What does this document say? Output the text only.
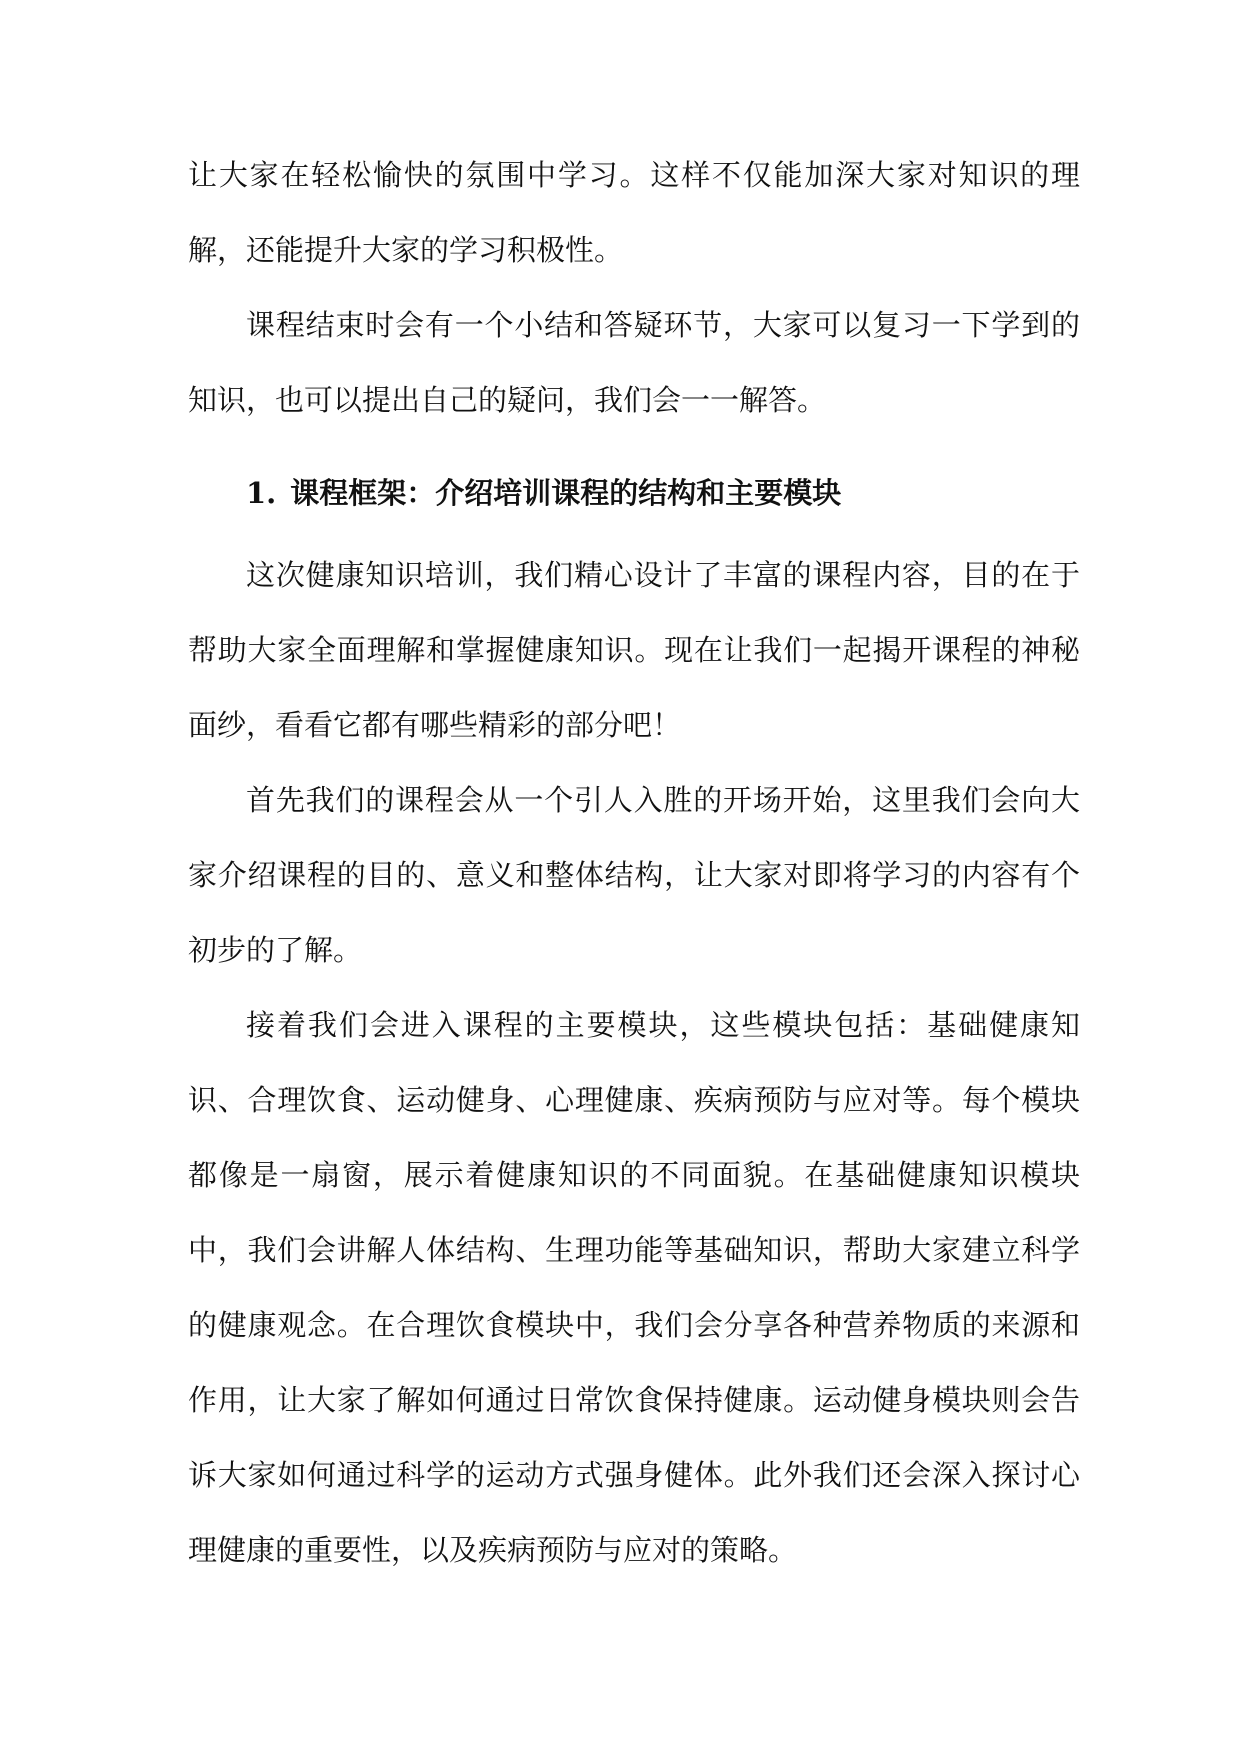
让大家在轻松愉快的氛围中学习。这样不仅能加深大家对知识的理解，还能提升大家的学习积极性。

课程结束时会有一个小结和答疑环节，大家可以复习一下学到的知识，也可以提出自己的疑问，我们会一一解答。

1. 课程框架：介绍培训课程的结构和主要模块

这次健康知识培训，我们精心设计了丰富的课程内容，目的在于帮助大家全面理解和掌握健康知识。现在让我们一起揭开课程的神秘面纱，看看它都有哪些精彩的部分吧！

首先我们的课程会从一个引人入胜的开场开始，这里我们会向大家介绍课程的目的、意义和整体结构，让大家对即将学习的内容有个初步的了解。

接着我们会进入课程的主要模块，这些模块包括：基础健康知识、合理饮食、运动健身、心理健康、疾病预防与应对等。每个模块都像是一扇窗，展示着健康知识的不同面貌。在基础健康知识模块中，我们会讲解人体结构、生理功能等基础知识，帮助大家建立科学的健康观念。在合理饮食模块中，我们会分享各种营养物质的来源和作用，让大家了解如何通过日常饮食保持健康。运动健身模块则会告诉大家如何通过科学的运动方式强身健体。此外我们还会深入探讨心理健康的重要性，以及疾病预防与应对的策略。
